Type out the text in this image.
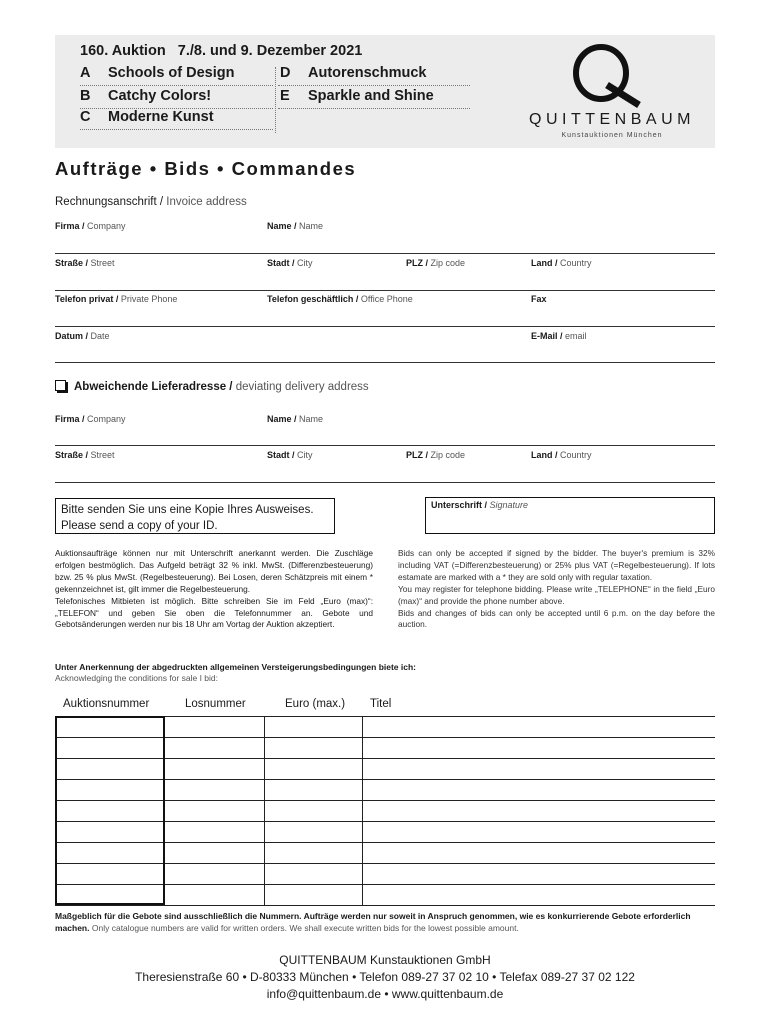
160. Auktion   7./8. und 9. Dezember 2021
A Schools of Design
B Catchy Colors!
C Moderne Kunst
D Autorenschmuck
E Sparkle and Shine
QUITTENBAUM
Kunstauktionen München
Aufträge • Bids • Commandes
Rechnungsanschrift / Invoice address
Firma / Company	Name / Name
Straße / Street	Stadt / City	PLZ / Zip code	Land / Country
Telefon privat / Private Phone	Telefon geschäftlich / Office Phone	Fax
Datum / Date	E-Mail / email
Abweichende Lieferadresse / deviating delivery address
Firma / Company	Name / Name
Straße / Street	Stadt / City	PLZ / Zip code	Land / Country
Bitte senden Sie uns eine Kopie Ihres Ausweises.
Please send a copy of your ID.
Unterschrift / Signature

Auktionsaufträge können nur mit Unterschrift anerkannt werden. Die Zuschläge erfolgen bestmöglich. Das Aufgeld beträgt 32 % inkl. MwSt. (Differenzbesteuerung) bzw. 25 % plus MwSt. (Regelbesteuerung). Bei Losen, deren Schätzpreis mit einem * gekennzeichnet ist, gilt immer die Regelbesteuerung.

Telefonisches Mitbieten ist möglich. Bitte schreiben Sie im Feld „Euro (max)“: „TELEFON“ und geben Sie oben die Telefonnummer an. Gebote und Gebotsänderungen werden nur bis 18 Uhr am Vortag der Auktion akzeptiert.

Bids can only be accepted if signed by the bidder. The buyer's premium is 32% including VAT (=Differenzbesteuerung) or 25% plus VAT (=Regelbesteuerung). If lots estamate are marked with a * they are sold only with regular taxation.

You may register for telephone bidding. Please write „TELEPHONE“ in the field „Euro (max)“ and provide the phone number above.

Bids and changes of bids can only be accepted until 6 p.m. on the day before the auction.

Unter Anerkennung der abgedruckten allgemeinen Versteigerungsbedingungen biete ich:
Acknowledging the conditions for sale I bid:
Auktionsnummer	Losnummer	Euro (max.) Titel
Maßgeblich für die Gebote sind ausschließlich die Nummern. Aufträge werden nur soweit in Anspruch genommen, wie es konkurrierende Gebote erforderlich machen. Only catalogue numbers are valid for written orders. We shall execute written bids for the lowest possible amount.
QUITTENBAUM Kunstauktionen GmbH
Theresienstraße 60 • D-80333 München • Telefon 089-27 37 02 10 • Telefax 089-27 37 02 122
info@quittenbaum.de • www.quittenbaum.de
